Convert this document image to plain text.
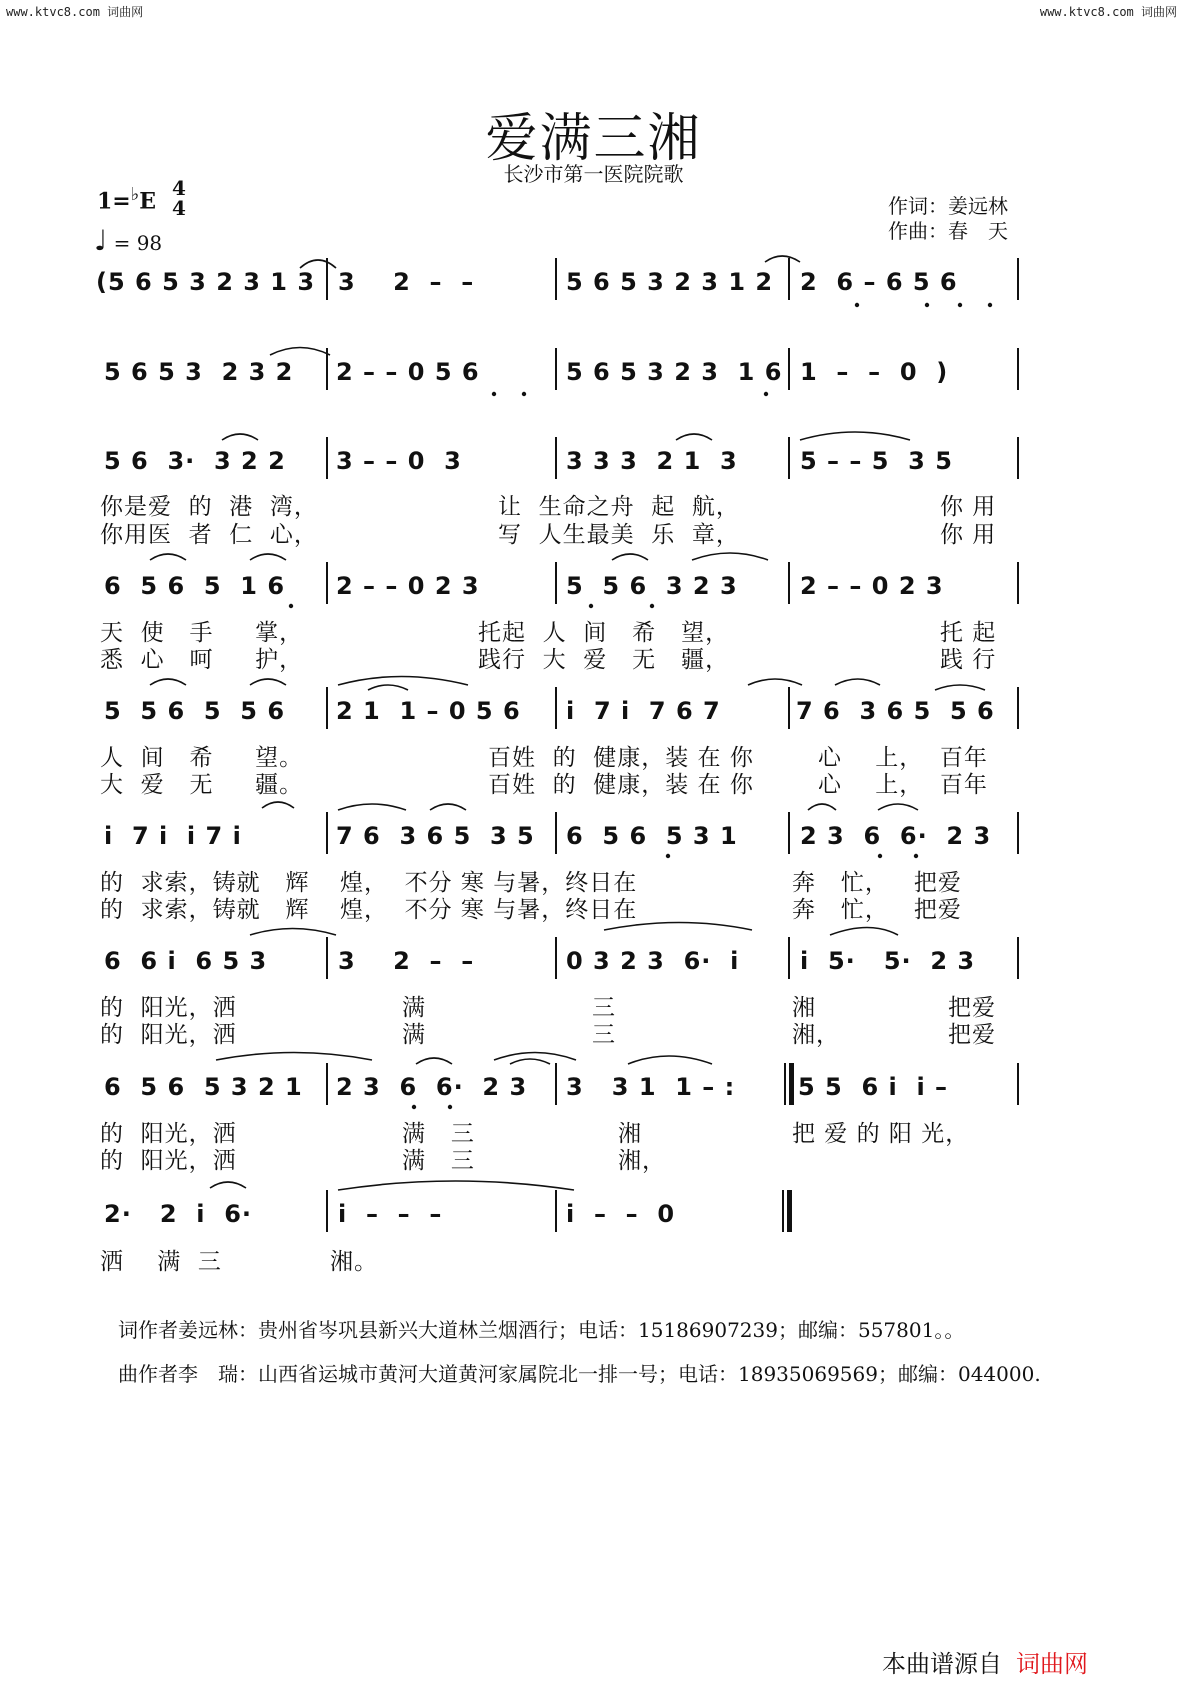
www.ktvc8.com 词曲网	www.ktvc8.com 词曲网
爱满三湘
长沙市第一医院院歌
1=♭E
4
4
♩ = 98
作词：姜远林
作曲：春　天
(5 6 5 3 2 3 1 3 3    2  –  –	5 6 5 3 2 3 1 2 2  6 – 6 5 6
5 6 5 3  2 3 2 2 – – 0 5 6	5 6 5 3 2 3  1 6 1  –  –  0  )
5 6  3·  3 2 2 3 – – 0  3	3 3 3  2 1  3	5 – – 5  3 5
你是爱  的  港  湾，	让  生命之舟  起  航，	你 用
你用医  者  仁  心，	写  人生最美  乐  章，	你 用
6  5 6  5  1 6 2 – – 0 2 3	5  5 6  3 2 3	2 – – 0 2 3
天  使   手     掌，	托起  人  间   希   望，	托 起
悉  心   呵     护，	践行  大  爱   无   疆，	践 行
5  5 6  5  5 6 2 1  1 – 0 5 6 i  7 i  7 6 7	7 6  3 6 5  5 6
人  间   希     望。	百姓  的  健康，装 在 你	心    上，  百年
大  爱   无     疆。	百姓  的  健康，装 在 你	心    上，  百年
i  7 i  i 7 i	7 6  3 6 5  3 5 6  5 6  5 3 1	2 3  6  6·  2 3
的  求索，铸就   辉 煌，  不分 寒 与暑，终日在	奔   忙，   把爱
的  求索，铸就   辉 煌，  不分 寒 与暑，终日在	奔   忙，   把爱
6  6 i  6 5 3	3    2  –  –	0 3 2 3  6·  i	i  5·   5·  2 3
的  阳光，洒	满	三	湘	把爱
的  阳光，洒	满	三	湘，	把爱
6  5 6  5 3 2 1 2 3  6  6·  2 3 3   3 1  1 – :	5 5  6 i  i –
的  阳光，洒	满   三	湘	把 爱 的 阳 光，
的  阳光，洒	满   三	湘，
2·   2  i  6·	i  –  –  –	i  –  –  0
洒    满  三	湘。
词作者姜远林：贵州省岑巩县新兴大道林兰烟酒行；电话：15186907239；邮编：557801。。
曲作者李　瑞：山西省运城市黄河大道黄河家属院北一排一号；电话：18935069569；邮编：044000.
本曲谱源自 词曲网
